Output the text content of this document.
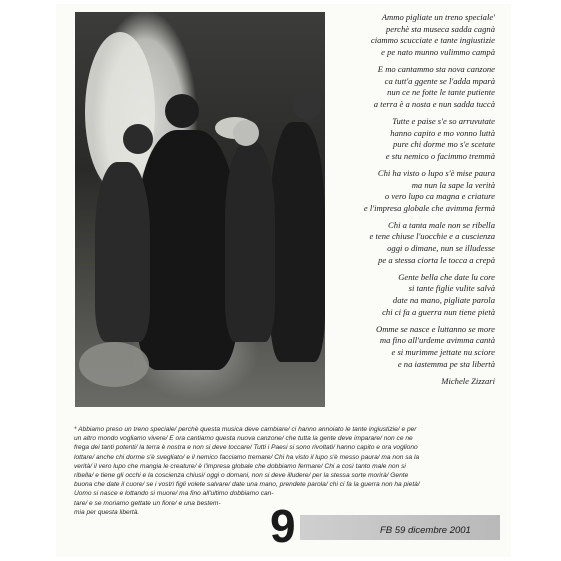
Ammo pigliate un treno speciale'
perchè sta museca sadda cagnà
ciammo scucciate e tante ingiustizie
e pe nato munno vulimmo campà
E mo cantammo sta nova canzone
ca tutt'a ggente se l'adda mparà
nun ce ne fotte le tante putiente
a terra è a nosta e nun sadda tuccà
Tutte e paise s'e so arruvutate
hanno capito e mo vonno luttà
pure chi dorme mo s'e scetate
e stu nemico o facimmo tremmà
Chi ha visto o lupo s'è mise paura
ma nun la sape la verità
o vero lupo ca magna e criature
e l'impresa globale che avimma fermà
Chi a tanta male non se ribella
e tene chiuse l'uocchie e a cuscienza
oggi o dimane, nun se illudesse
pe a stessa ciorta le tocca a crepà
Gente bella che date lu core
si tante figlie vulite salvà
date na mano, pigliate parola
chi ci fa a guerra nun tiene pietà
Omme se nasce e luttanno se more
ma fino all'urdeme avimma cantà
e si murimme jettate nu sciore
e na iastemma pe sta libertà
Michele Zizzari
* Abbiamo preso un treno speciale/ perchè questa musica deve cambiare/ ci hanno annoiato le tante ingiustizie/ e per
un altro mondo vogliamo vivere/ E ora cantiamo questa nuova canzone/ che tutta la gente deve imparare/ non ce ne
frega dei tanti potenti/ la terra è nostra e non si deve toccare/ Tutti i Paesi si sono rivoltati/ hanno capito e ora vogliono
lottare/ anche chi dorme s'è svegliato/ e il nemico facciamo tremare/ Chi ha visto il lupo s'è messo paura/ ma non sa la
verità/ il vero lupo che mangia le creature/ è l'impresa globale che dobbiamo fermare/ Chi a così tanto male non si
ribella/ e tiene gli occhi e la coscienza chiusi/ oggi o domani, non si deve illudere/ per la stessa sorte morirà/ Gente
buona che date il cuore/ se i vostri figli volete salvare/ date una mano, prendete parola/ chi ci fa la guerra non ha pietà/
Uomo si nasce e lottando si muore/ ma fino all'ultimo dobbiamo can-
tare/ e se moriamo gettate un fiore/ e una bestem-
mia per questa libertà.	9	FB 59 dicembre 2001
